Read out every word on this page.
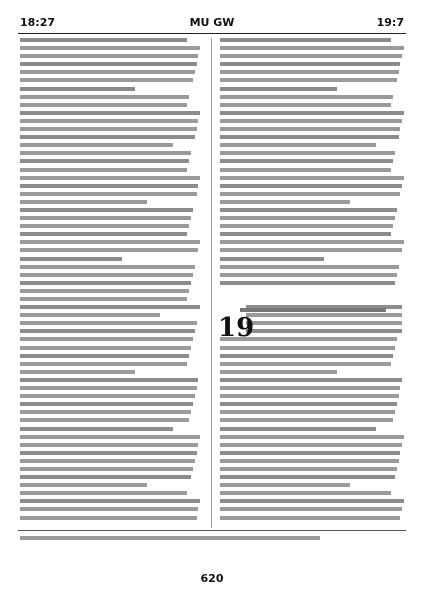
18:27	MU GW	19:7

19
620
